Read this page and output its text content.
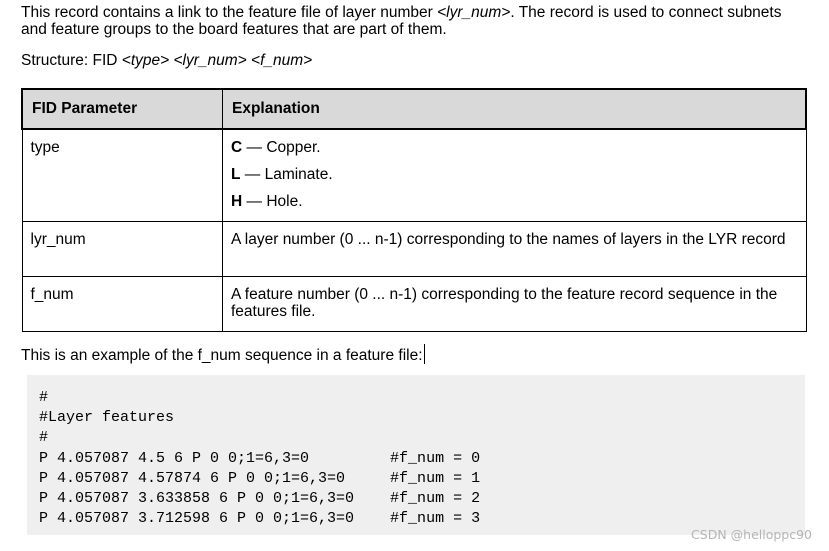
This record contains a link to the feature file of layer number <lyr_num>. The record is used to connect subnets and feature groups to the board features that are part of them.

Structure: FID <type> <lyr_num> <f_num>

FID Parameter	Explanation
type	C — Copper.
L — Laminate.
H — Hole.

lyr_num	A layer number (0 ... n-1) corresponding to the names of layers in the LYR record
f_num	A feature number (0 ... n-1) corresponding to the feature record sequence in the features file.

This is an example of the f_num sequence in a feature file:

#
#Layer features
#
P 4.057087 4.5 6 P 0 0;1=6,3=0         #f_num = 0
P 4.057087 4.57874 6 P 0 0;1=6,3=0     #f_num = 1
P 4.057087 3.633858 6 P 0 0;1=6,3=0    #f_num = 2
P 4.057087 3.712598 6 P 0 0;1=6,3=0    #f_num = 3
CSDN @helloppc90
